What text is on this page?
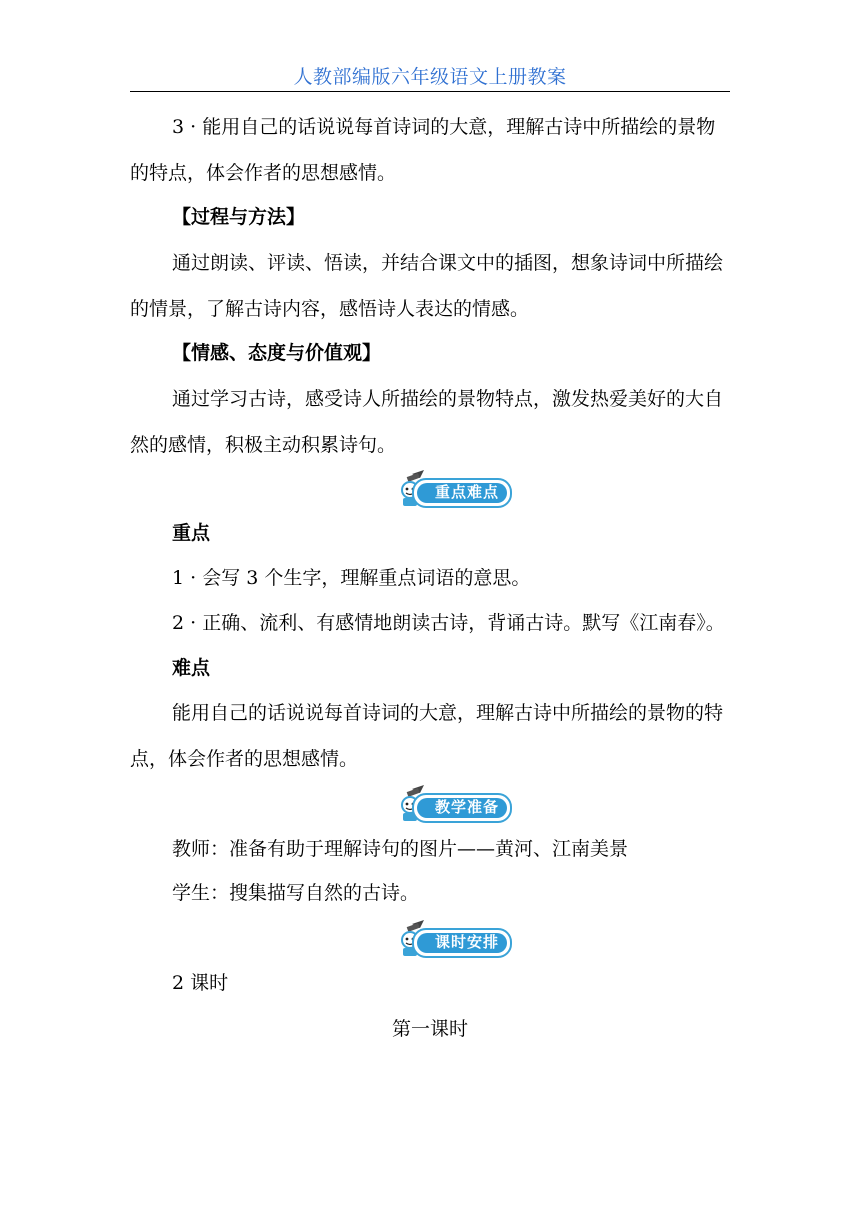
人教部编版六年级语文上册教案
3 · 能用自己的话说说每首诗词的大意，理解古诗中所描绘的景物的特点，体会作者的思想感情。
【过程与方法】
通过朗读、评读、悟读，并结合课文中的插图，想象诗词中所描绘的情景，了解古诗内容，感悟诗人表达的情感。
【情感、态度与价值观】
通过学习古诗，感受诗人所描绘的景物特点，激发热爱美好的大自然的感情，积极主动积累诗句。
重点难点
重点
1 · 会写 3 个生字，理解重点词语的意思。
2 · 正确、流利、有感情地朗读古诗，背诵古诗。默写《江南春》。
难点
能用自己的话说说每首诗词的大意，理解古诗中所描绘的景物的特点，体会作者的思想感情。
教学准备
教师：准备有助于理解诗句的图片——黄河、江南美景
学生：搜集描写自然的古诗。
课时安排
2 课时
第一课时
